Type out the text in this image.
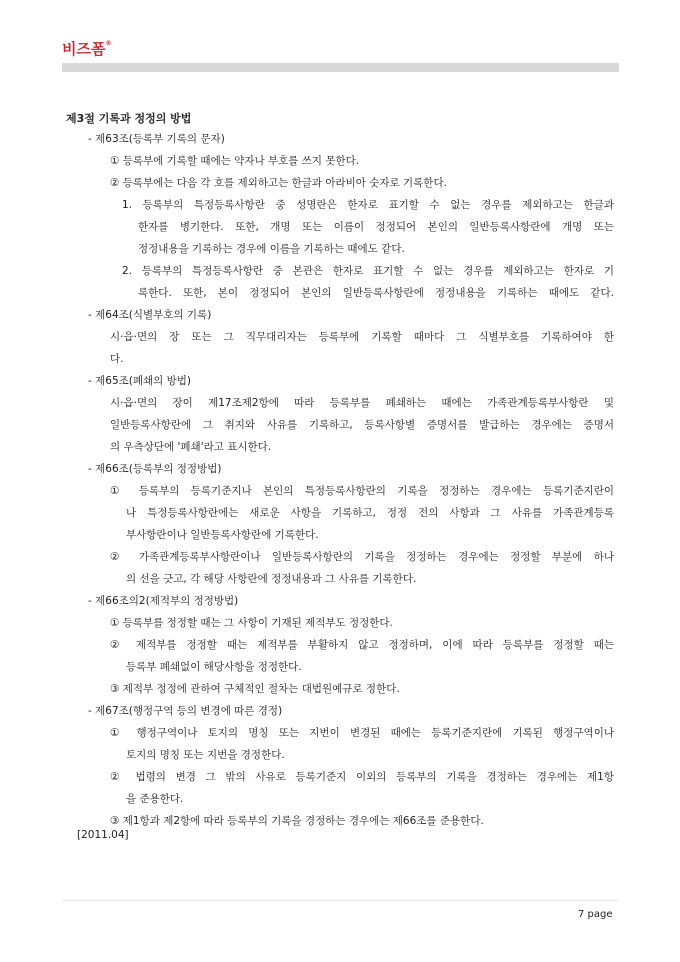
비즈폼®
제3절 기록과 정정의 방법
- 제63조(등록부 기록의 문자)
① 등록부에 기록할 때에는 약자나 부호를 쓰지 못한다.
② 등록부에는 다음 각 호를 제외하고는 한글과 아라비아 숫자로 기록한다.
1. 등록부의 특정등록사항란 중 성명란은 한자로 표기할 수 없는 경우를 제외하고는 한글과
한자를 병기한다. 또한, 개명 또는 이름이 정정되어 본인의 일반등록사항란에 개명 또는
정정내용을 기록하는 경우에 이름을 기록하는 때에도 같다.
2. 등록부의 특정등록사항란 중 본관은 한자로 표기할 수 없는 경우를 제외하고는 한자로 기
록한다. 또한, 본이 정정되어 본인의 일반등록사항란에 정정내용을 기록하는 때에도 같다.
- 제64조(식별부호의 기록)
시·읍·면의 장 또는 그 직무대리자는 등록부에 기록할 때마다 그 식별부호를 기록하여야 한
다.
- 제65조(폐쇄의 방법)
시·읍·면의 장이 제17조제2항에 따라 등록부를 폐쇄하는 때에는 가족관계등록부사항란 및
일반등록사항란에 그 취지와 사유를 기록하고, 등록사항별 증명서를 발급하는 경우에는 증명서
의 우측상단에 '폐쇄'라고 표시한다.
- 제66조(등록부의 정정방법)
① 등록부의 등록기준지나 본인의 특정등록사항란의 기록을 정정하는 경우에는 등록기준지란이
나 특정등록사항란에는 새로운 사항을 기록하고, 정정 전의 사항과 그 사유를 가족관계등록
부사항란이나 일반등록사항란에 기록한다.
② 가족관계등록부사항란이나 일반등록사항란의 기록을 정정하는 경우에는 정정할 부분에 하나
의 선을 긋고, 각 해당 사항란에 정정내용과 그 사유를 기록한다.
- 제66조의2(제적부의 정정방법)
① 등록부를 정정할 때는 그 사항이 기재된 제적부도 정정한다.
② 제적부를 정정할 때는 제적부를 부활하지 않고 정정하며, 이에 따라 등록부를 정정할 때는
등록부 폐쇄없이 해당사항을 정정한다.
③ 제적부 정정에 관하여 구체적인 절차는 대법원예규로 정한다.
- 제67조(행정구역 등의 변경에 따른 경정)
① 행정구역이나 토지의 명칭 또는 지번이 변경된 때에는 등록기준지란에 기록된 행정구역이나
토지의 명칭 또는 지번을 경정한다.
② 법령의 변경 그 밖의 사유로 등록기준지 이외의 등록부의 기록을 경정하는 경우에는 제1항
을 준용한다.
③ 제1항과 제2항에 따라 등록부의 기록을 경정하는 경우에는 제66조를 준용한다.
[2011.04]
7 page
